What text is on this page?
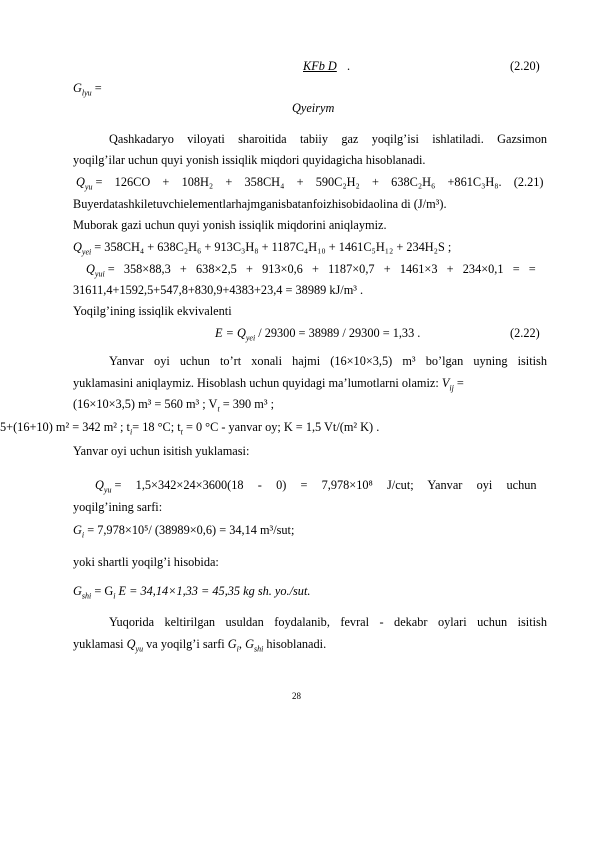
KFb D .	(2.20)
$G_{lyu}$ =
Qyeirym
Qashkadaryo viloyati sharoitida tabiiy gaz yoqilg’isi ishlatiladi. Gazsimon
yoqilg’ilar uchun quyi yonish issiqlik miqdori quyidagicha hisoblanadi.
$Q_{yu} = 126CO + 108H_2 + 358CH_4 + 590C_2H_2 + 638C_2H_6 +861C_3H_8$. (2.21)
Buyerdatashkiletuvchielementlarhajmganisbatanfoizhisobidaolina di (J/m³).
Muborak gazi uchun quyi yonish issiqlik miqdorini aniqlaymiz.
$Q_{yei} = 358CH_4 + 638C_2H_6 + 913C_3H_8 + 1187C_4H_{10} + 1461C_5H_{12} + 234H_2S$ ;
$Q_{yui} = 358\times 88,3 + 638\times 2,5 + 913\times 0,6 + 1187\times 0,7 + 1461\times 3 + 234\times 0,1$ = =
31611,4+1592,5+547,8+830,9+4383+23,4 = 38989 kJ/m³ .
Yoqilg’ining issiqlik ekvivalenti
$E = Q_{yei} / 29300 = 38989 / 29300 = 1,33$ .	(2.22)
Yanvar oyi uchun to’rt xonali hajmi (16×10×3,5) m³ bo’lgan uyning isitish
yuklamasini aniqlaymiz. Hisoblash uchun quyidagi ma’lumotlarni olamiz: $V_{ij}$ =
(16×10×3,5) m³ = 560 m³ ; $V_t = 390$ m³ ;
5+(16+10) m² = 342 m² ; $t_i= 18$ °C; $t_t = 0$ °C - yanvar oy; K = 1,5 Vt/(m² K) .
Yanvar oyi uchun isitish yuklamasi:
$Q_{yu} = 1,5\times 342\times 24\times 3600(18 - 0) = 7,978\times 10^8$ J/cut; Yanvar oyi uchun
yoqilg’ining sarfi:
$G_i = 7,978\times 10^5/$ (38989×0,6) = 34,14 m³/sut;
yoki shartli yoqilg’i hisobida:
$G_{shi} = G_i$ E = 34,14×1,33 = 45,35 kg sh. yo./sut.
Yuqorida keltirilgan usuldan foydalanib, fevral - dekabr oylari uchun isitish
yuklamasi $Q_{yu}$ va yoqilg’i sarfi $G_i$, $G_{shi}$ hisoblanadi.
28
